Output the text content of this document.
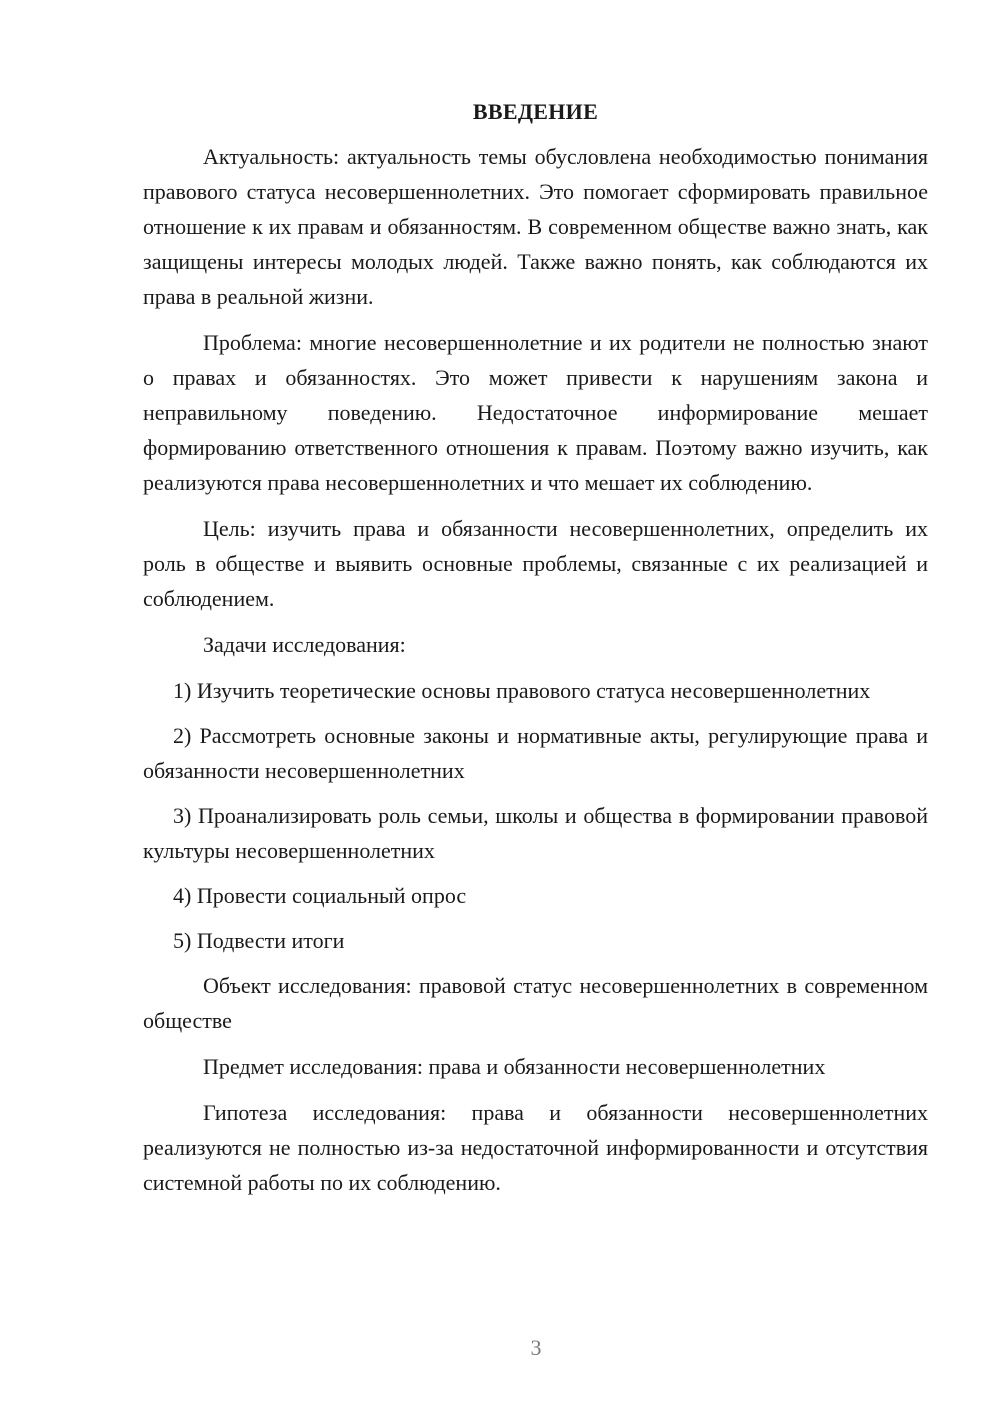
ВВЕДЕНИЕ

Актуальность: актуальность темы обусловлена необходимостью понимания правового статуса несовершеннолетних. Это помогает сформировать правильное отношение к их правам и обязанностям. В современном обществе важно знать, как защищены интересы молодых людей. Также важно понять, как соблюдаются их права в реальной жизни.

Проблема: многие несовершеннолетние и их родители не полностью знают о правах и обязанностях. Это может привести к нарушениям закона и неправильному поведению. Недостаточное информирование мешает формированию ответственного отношения к правам. Поэтому важно изучить, как реализуются права несовершеннолетних и что мешает их соблюдению.

Цель: изучить права и обязанности несовершеннолетних, определить их роль в обществе и выявить основные проблемы, связанные с их реализацией и соблюдением.

Задачи исследования:

1) Изучить теоретические основы правового статуса несовершеннолетних

2) Рассмотреть основные законы и нормативные акты, регулирующие права и обязанности несовершеннолетних

3) Проанализировать роль семьи, школы и общества в формировании правовой культуры несовершеннолетних

4) Провести социальный опрос

5) Подвести итоги

Объект исследования: правовой статус несовершеннолетних в современном обществе

Предмет исследования: права и обязанности несовершеннолетних

Гипотеза исследования: права и обязанности несовершеннолетних реализуются не полностью из-за недостаточной информированности и отсутствия системной работы по их соблюдению.

3
